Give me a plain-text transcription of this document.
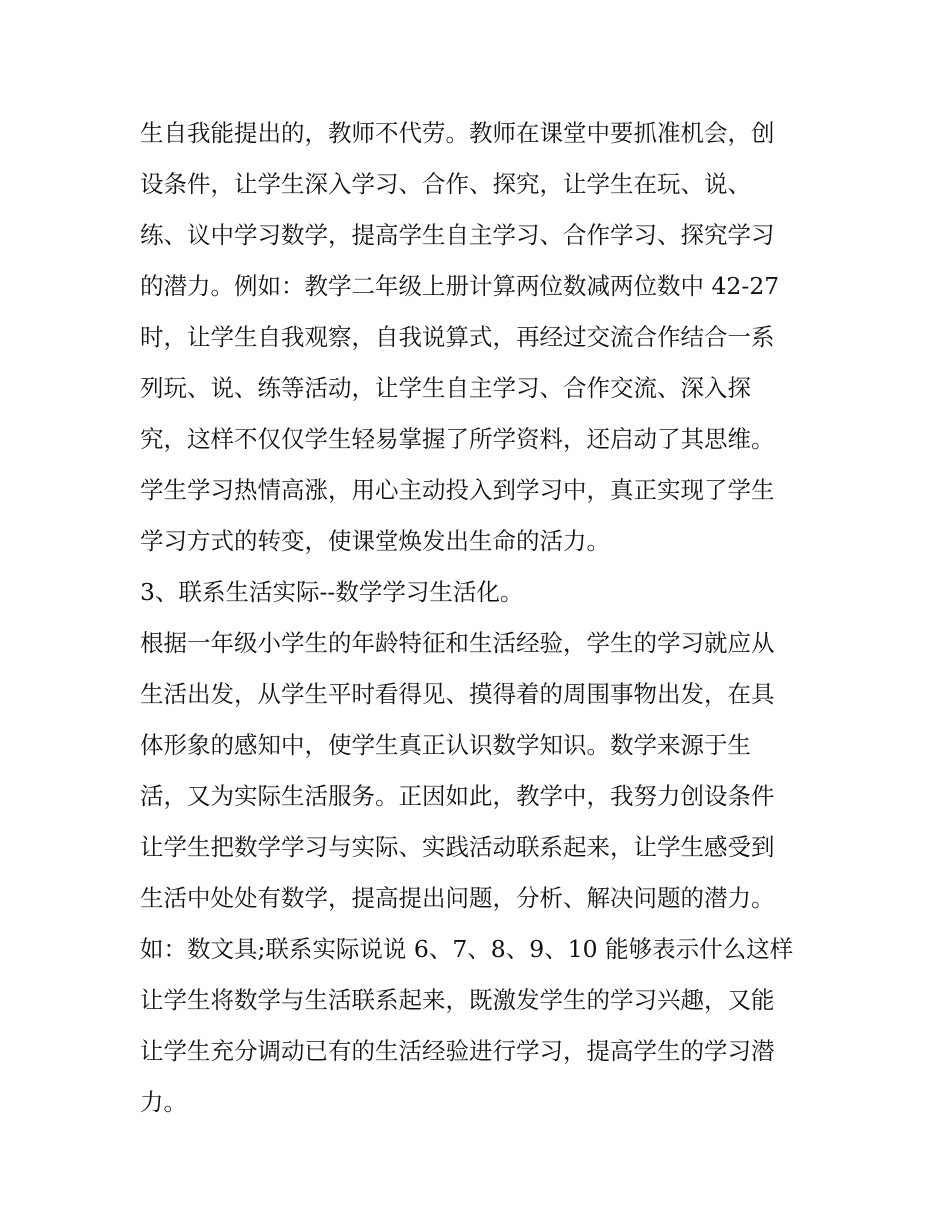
生自我能提出的，教师不代劳。教师在课堂中要抓准机会，创
设条件，让学生深入学习、合作、探究，让学生在玩、说、
练、议中学习数学，提高学生自主学习、合作学习、探究学习
的潜力。例如：教学二年级上册计算两位数减两位数中 42-27
时，让学生自我观察，自我说算式，再经过交流合作结合一系
列玩、说、练等活动，让学生自主学习、合作交流、深入探
究，这样不仅仅学生轻易掌握了所学资料，还启动了其思维。
学生学习热情高涨，用心主动投入到学习中，真正实现了学生
学习方式的转变，使课堂焕发出生命的活力。
3、联系生活实际--数学学习生活化。
根据一年级小学生的年龄特征和生活经验，学生的学习就应从
生活出发，从学生平时看得见、摸得着的周围事物出发，在具
体形象的感知中，使学生真正认识数学知识。数学来源于生
活，又为实际生活服务。正因如此，教学中，我努力创设条件
让学生把数学学习与实际、实践活动联系起来，让学生感受到
生活中处处有数学，提高提出问题，分析、解决问题的潜力。
如：数文具;联系实际说说 6、7、8、9、10 能够表示什么这样
让学生将数学与生活联系起来，既激发学生的学习兴趣，又能
让学生充分调动已有的生活经验进行学习，提高学生的学习潜
力。
